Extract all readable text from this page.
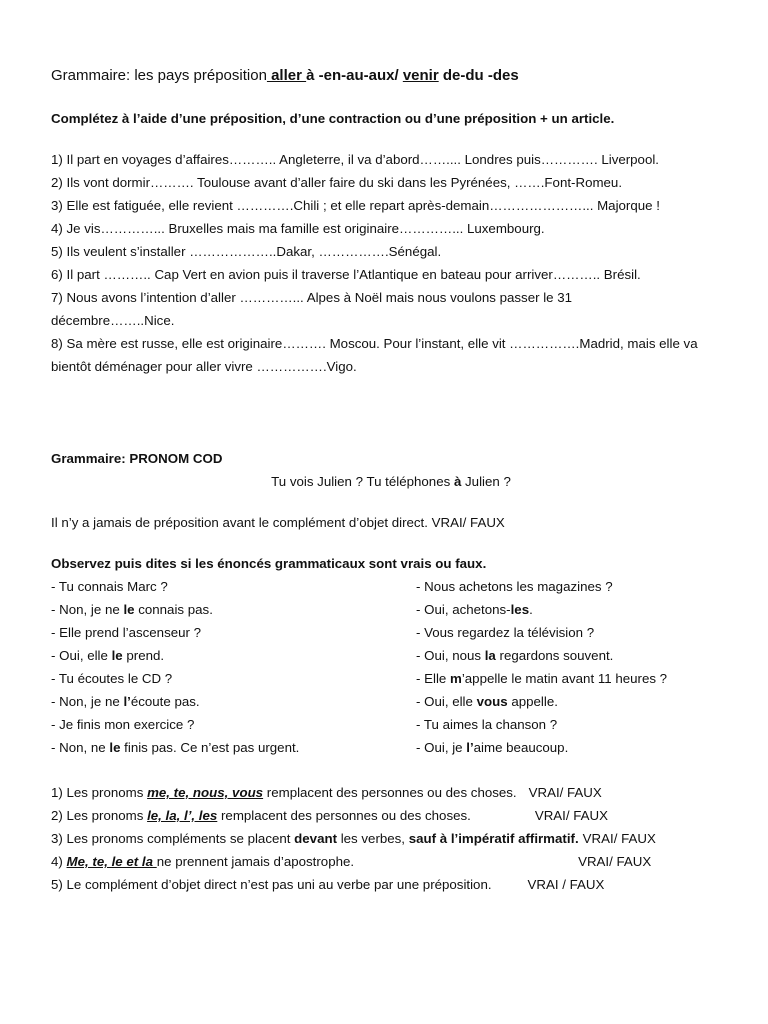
Grammaire: les pays préposition aller à -en-au-aux/ venir de-du -des
Complétez à l’aide d’une préposition, d’une contraction ou d’une préposition + un article.
1) Il part en voyages d’affaires……….. Angleterre, il va d’abord…….... Londres puis…………. Liverpool.
2) Ils vont dormir………. Toulouse avant d’aller faire du ski dans les Pyrénées, …….Font-Romeu.
3) Elle est fatiguée, elle revient ………….Chili ; et elle repart après-demain…………………... Majorque !
4) Je vis…………... Bruxelles mais ma famille est originaire…………... Luxembourg.
5) Ils veulent s’installer ………………..Dakar, …………….Sénégal.
6) Il part ……….. Cap Vert en avion puis il traverse l’Atlantique en bateau pour arriver……….. Brésil.
7) Nous avons l’intention d’aller …………... Alpes à Noël mais nous voulons passer le 31 décembre……..Nice.
8) Sa mère est russe, elle est originaire………. Moscou. Pour l’instant, elle vit …………….Madrid, mais elle va bientôt déménager pour aller vivre …………….Vigo.
Grammaire: PRONOM COD
Tu vois Julien ? Tu téléphones à Julien ?
Il n’y a jamais de préposition avant le complément d’objet direct. VRAI/ FAUX
Observez puis dites si les énoncés grammaticaux sont vrais ou faux.
- Tu connais Marc ?	- Nous achetons les magazines ?
- Non, je ne le connais pas.	- Oui, achetons-les.
- Elle prend l’ascenseur ?	- Vous regardez la télévision ?
- Oui, elle le prend.	- Oui, nous la regardons souvent.
- Tu écoutes le CD ?	- Elle m’appelle le matin avant 11 heures ?
- Non, je ne l’écoute pas.	- Oui, elle vous appelle.
- Je finis mon exercice ?	- Tu aimes la chanson ?
- Non, ne le finis pas. Ce n’est pas urgent.	- Oui, je l’aime beaucoup.
1) Les pronoms me, te, nous, vous remplacent des personnes ou des choses. VRAI/ FAUX
2) Les pronoms le, la, l’, les remplacent des personnes ou des choses.	VRAI/ FAUX
3) Les pronoms compléments se placent devant les verbes, sauf à l’impératif affirmatif. VRAI/ FAUX
4) Me, te, le et la ne prennent jamais d’apostrophe.	VRAI/ FAUX
5) Le complément d’objet direct n’est pas uni au verbe par une préposition.	VRAI / FAUX
